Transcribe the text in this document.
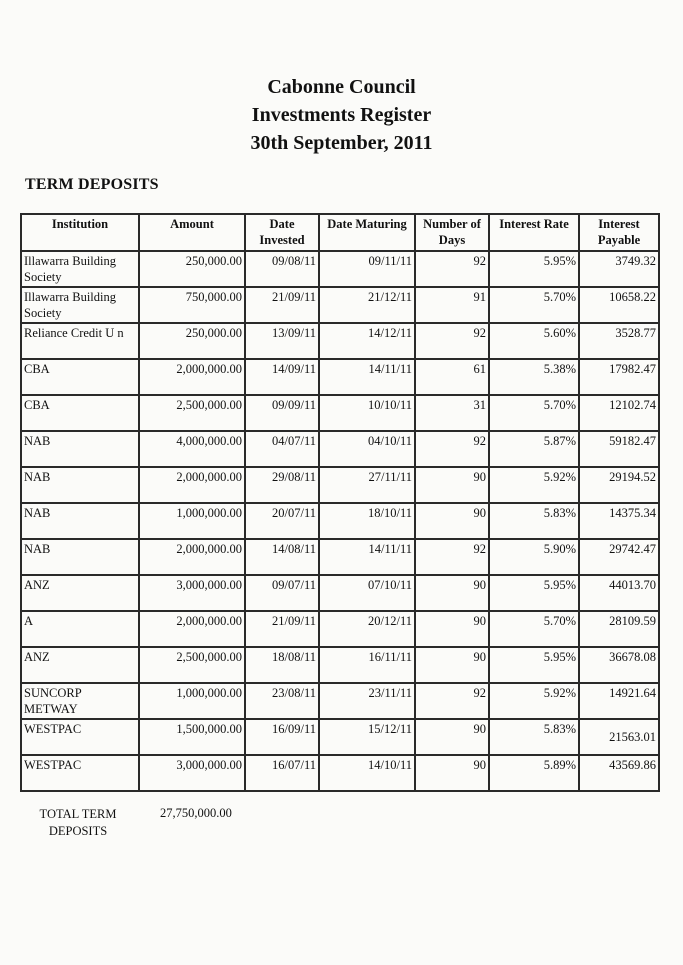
Cabonne Council
Investments Register
30th September, 2011
TERM DEPOSITS
Institution	Amount	Date Invested	Date Maturing	Number of Days	Interest Rate	Interest Payable
Illawarra Building Society	250,000.00	09/08/11	09/11/11	92	5.95%	3749.32
Illawarra Building Society	750,000.00	21/09/11	21/12/11	91	5.70%	10658.22
Reliance Credit U n	250,000.00	13/09/11	14/12/11	92	5.60%	3528.77
CBA	2,000,000.00	14/09/11	14/11/11	61	5.38%	17982.47
CBA	2,500,000.00	09/09/11	10/10/11	31	5.70%	12102.74
NAB	4,000,000.00	04/07/11	04/10/11	92	5.87%	59182.47
NAB	2,000,000.00	29/08/11	27/11/11	90	5.92%	29194.52
NAB	1,000,000.00	20/07/11	18/10/11	90	5.83%	14375.34
NAB	2,000,000.00	14/08/11	14/11/11	92	5.90%	29742.47
ANZ	3,000,000.00	09/07/11	07/10/11	90	5.95%	44013.70
A	2,000,000.00	21/09/11	20/12/11	90	5.70%	28109.59
ANZ	2,500,000.00	18/08/11	16/11/11	90	5.95%	36678.08
SUNCORP METWAY	1,000,000.00	23/08/11	23/11/11	92	5.92%	14921.64
WESTPAC	1,500,000.00	16/09/11	15/12/11	90	5.83%	21563.01
WESTPAC	3,000,000.00	16/07/11	14/10/11	90	5.89%	43569.86
TOTAL TERM DEPOSITS
27,750,000.00
